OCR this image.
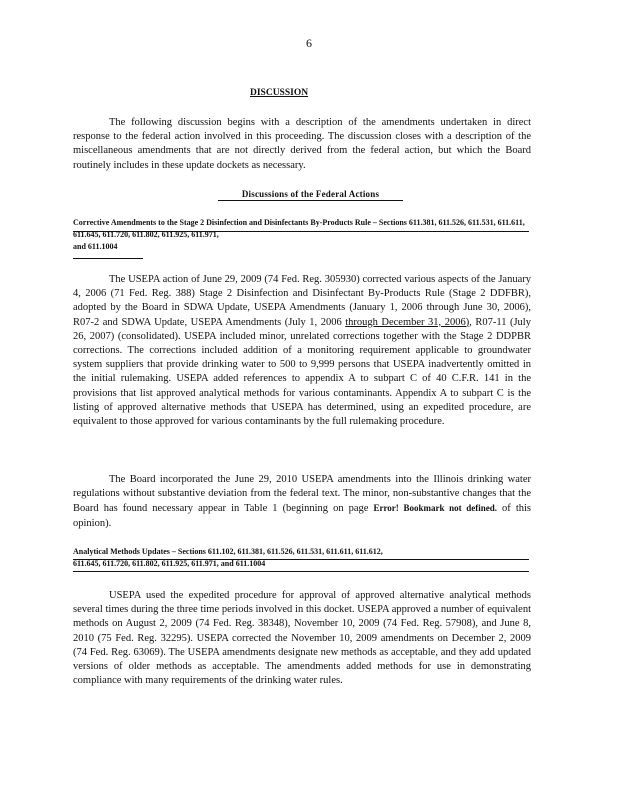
6
DISCUSSION
The following discussion begins with a description of the amendments undertaken in direct response to the federal action involved in this proceeding. The discussion closes with a description of the miscellaneous amendments that are not directly derived from the federal action, but which the Board routinely includes in these update dockets as necessary.
Discussions of the Federal Actions
Corrective Amendments to the Stage 2 Disinfection and Disinfectants By-Products Rule – Sections 611.381, 611.526, 611.531, 611.611, 611.645, 611.720, 611.802, 611.925, 611.971,
and 611.1004
The USEPA action of June 29, 2009 (74 Fed. Reg. 305930) corrected various aspects of the January 4, 2006 (71 Fed. Reg. 388) Stage 2 Disinfection and Disinfectant By-Products Rule (Stage 2 DDFBR), adopted by the Board in SDWA Update, USEPA Amendments (January 1, 2006 through June 30, 2006), R07-2 and SDWA Update, USEPA Amendments (July 1, 2006 through December 31, 2006), R07-11 (July 26, 2007) (consolidated). USEPA included minor, unrelated corrections together with the Stage 2 DDPBR corrections. The corrections included addition of a monitoring requirement applicable to groundwater system suppliers that provide drinking water to 500 to 9,999 persons that USEPA inadvertently omitted in the initial rulemaking. USEPA added references to appendix A to subpart C of 40 C.F.R. 141 in the provisions that list approved analytical methods for various contaminants. Appendix A to subpart C is the listing of approved alternative methods that USEPA has determined, using an expedited procedure, are equivalent to those approved for various contaminants by the full rulemaking procedure.
The Board incorporated the June 29, 2010 USEPA amendments into the Illinois drinking water regulations without substantive deviation from the federal text. The minor, non-substantive changes that the Board has found necessary appear in Table 1 (beginning on page Error! Bookmark not defined. of this opinion).
Analytical Methods Updates – Sections 611.102, 611.381, 611.526, 611.531, 611.611, 611.612,
611.645, 611.720, 611.802, 611.925, 611.971, and 611.1004
USEPA used the expedited procedure for approval of approved alternative analytical methods several times during the three time periods involved in this docket. USEPA approved a number of equivalent methods on August 2, 2009 (74 Fed. Reg. 38348), November 10, 2009 (74 Fed. Reg. 57908), and June 8, 2010 (75 Fed. Reg. 32295). USEPA corrected the November 10, 2009 amendments on December 2, 2009 (74 Fed. Reg. 63069). The USEPA amendments designate new methods as acceptable, and they add updated versions of older methods as acceptable. The amendments added methods for use in demonstrating compliance with many requirements of the drinking water rules.
